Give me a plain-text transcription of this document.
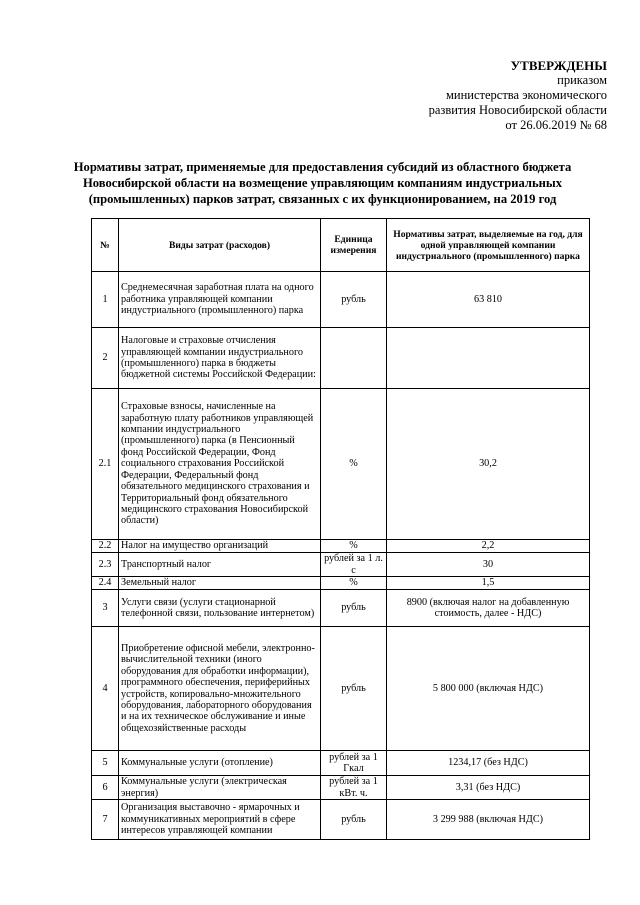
УТВЕРЖДЕНЫ
приказом
министерства экономического
развития Новосибирской области
от 26.06.2019 № 68
Нормативы затрат, применяемые для предоставления субсидий из областного бюджета Новосибирской области на возмещение управляющим компаниям индустриальных (промышленных) парков затрат, связанных с их функционированием, на 2019 год
№	Виды затрат (расходов)	Единица измерения	Нормативы затрат, выделяемые на год, для одной управляющей компании индустриального (промышленного) парка
1	Среднемесячная заработная плата на одного работника управляющей компании индустриального (промышленного) парка	рубль	63 810
2	Налоговые и страховые отчисления управляющей компании индустриального (промышленного) парка в бюджеты бюджетной системы Российской Федерации:		
2.1	Страховые взносы, начисленные на заработную плату работников управляющей компании индустриального (промышленного) парка (в Пенсионный фонд Российской Федерации, Фонд социального страхования Российской Федерации, Федеральный фонд обязательного медицинского страхования и Территориальный фонд обязательного медицинского страхования Новосибирской области)	%	30,2
2.2	Налог на имущество организаций	%	2,2
2.3	Транспортный налог	рублей за 1 л. с	30
2.4	Земельный налог	%	1,5
3	Услуги связи (услуги стационарной телефонной связи, пользование интернетом)	рубль	8900 (включая налог на добавленную стоимость, далее - НДС)
4	Приобретение офисной мебели, электронно-вычислительной техники (иного оборудования для обработки информации), программного обеспечения, периферийных устройств, копировально-множительного оборудования, лабораторного оборудования и на их техническое обслуживание и иные общехозяйственные расходы	рубль	5 800 000 (включая НДС)
5	Коммунальные услуги (отопление)	рублей за 1 Гкал	1234,17 (без НДС)
6	Коммунальные услуги (электрическая энергия)	рублей за 1 кВт. ч.	3,31 (без НДС)
7	Организация выставочно - ярмарочных и коммуникативных мероприятий в сфере интересов управляющей компании	рубль	3 299 988 (включая НДС)
